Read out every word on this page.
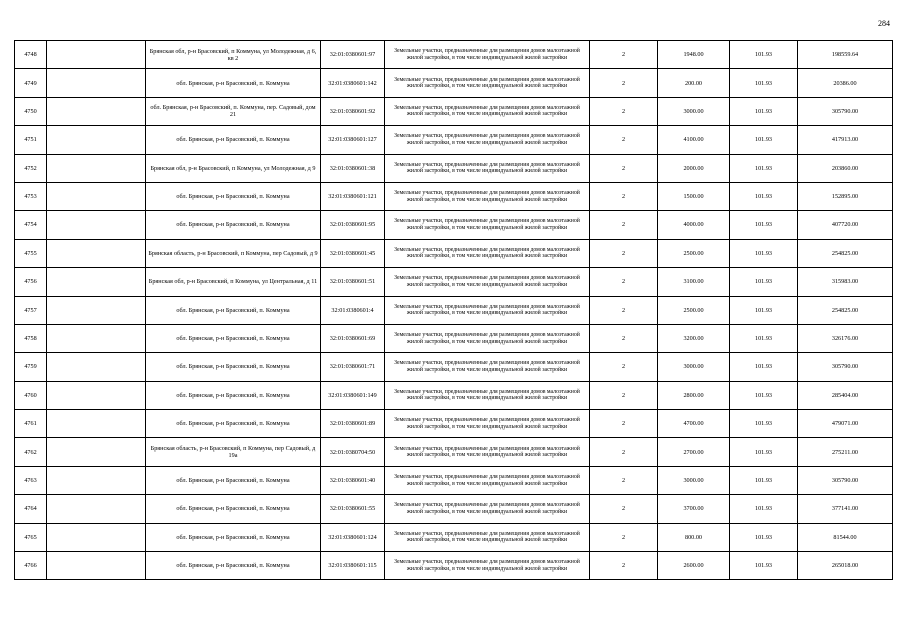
284
4748		Брянская обл, р-н Брасовский, п Коммуна, ул Молодежная, д 6, кв 2	32:01:0380601:97	Земельные участки, предназначенные для размещения домов малоэтажной жилой застройки, в том числе индивидуальной жилой застройки	2	1948.00	101.93	198559.64
4749		обл. Брянская, р-н Брасовский, п. Коммуна	32:01:0380601:142	Земельные участки, предназначенные для размещения домов малоэтажной жилой застройки, в том числе индивидуальной жилой застройки	2	200.00	101.93	20386.00
4750		обл. Брянская, р-н Брасовский, п. Коммуна, пер. Садовый, дом 21	32:01:0380601:92	Земельные участки, предназначенные для размещения домов малоэтажной жилой застройки, в том числе индивидуальной жилой застройки	2	3000.00	101.93	305790.00
4751		обл. Брянская, р-н Брасовский, п. Коммуна	32:01:0380601:127	Земельные участки, предназначенные для размещения домов малоэтажной жилой застройки, в том числе индивидуальной жилой застройки	2	4100.00	101.93	417913.00
4752		Брянская обл, р-н Брасовский, п Коммуна, ул Молодежная, д 9	32:01:0380601:38	Земельные участки, предназначенные для размещения домов малоэтажной жилой застройки, в том числе индивидуальной жилой застройки	2	2000.00	101.93	203860.00
4753		обл. Брянская, р-н Брасовский, п. Коммуна	32:01:0380601:121	Земельные участки, предназначенные для размещения домов малоэтажной жилой застройки, в том числе индивидуальной жилой застройки	2	1500.00	101.93	152895.00
4754		обл. Брянская, р-н Брасовский, п. Коммуна	32:01:0380601:95	Земельные участки, предназначенные для размещения домов малоэтажной жилой застройки, в том числе индивидуальной жилой застройки	2	4000.00	101.93	407720.00
4755		Брянская область, р-н Брасовский, п Коммуна, пер Садовый, д 9	32:01:0380601:45	Земельные участки, предназначенные для размещения домов малоэтажной жилой застройки, в том числе индивидуальной жилой застройки	2	2500.00	101.93	254825.00
4756		Брянская обл, р-н Брасовский, п Коммуна, ул Центральная, д 11	32:01:0380601:51	Земельные участки, предназначенные для размещения домов малоэтажной жилой застройки, в том числе индивидуальной жилой застройки	2	3100.00	101.93	315983.00
4757		обл. Брянская, р-н Брасовский, п. Коммуна	32:01:0380601:4	Земельные участки, предназначенные для размещения домов малоэтажной жилой застройки, в том числе индивидуальной жилой застройки	2	2500.00	101.93	254825.00
4758		обл. Брянская, р-н Брасовский, п. Коммуна	32:01:0380601:69	Земельные участки, предназначенные для размещения домов малоэтажной жилой застройки, в том числе индивидуальной жилой застройки	2	3200.00	101.93	326176.00
4759		обл. Брянская, р-н Брасовский, п. Коммуна	32:01:0380601:71	Земельные участки, предназначенные для размещения домов малоэтажной жилой застройки, в том числе индивидуальной жилой застройки	2	3000.00	101.93	305790.00
4760		обл. Брянская, р-н Брасовский, п. Коммуна	32:01:0380601:149	Земельные участки, предназначенные для размещения домов малоэтажной жилой застройки, в том числе индивидуальной жилой застройки	2	2800.00	101.93	285404.00
4761		обл. Брянская, р-н Брасовский, п. Коммуна	32:01:0380601:89	Земельные участки, предназначенные для размещения домов малоэтажной жилой застройки, в том числе индивидуальной жилой застройки	2	4700.00	101.93	479071.00
4762		Брянская область, р-н Брасовский, п Коммуна, пер Садовый, д 19а	32:01:0380704:50	Земельные участки, предназначенные для размещения домов малоэтажной жилой застройки, в том числе индивидуальной жилой застройки	2	2700.00	101.93	275211.00
4763		обл. Брянская, р-н Брасовский, п. Коммуна	32:01:0380601:40	Земельные участки, предназначенные для размещения домов малоэтажной жилой застройки, в том числе индивидуальной жилой застройки	2	3000.00	101.93	305790.00
4764		обл. Брянская, р-н Брасовский, п. Коммуна	32:01:0380601:55	Земельные участки, предназначенные для размещения домов малоэтажной жилой застройки, в том числе индивидуальной жилой застройки	2	3700.00	101.93	377141.00
4765		обл. Брянская, р-н Брасовский, п. Коммуна	32:01:0380601:124	Земельные участки, предназначенные для размещения домов малоэтажной жилой застройки, в том числе индивидуальной жилой застройки	2	800.00	101.93	81544.00
4766		обл. Брянская, р-н Брасовский, п. Коммуна	32:01:0380601:115	Земельные участки, предназначенные для размещения домов малоэтажной жилой застройки, в том числе индивидуальной жилой застройки	2	2600.00	101.93	265018.00
